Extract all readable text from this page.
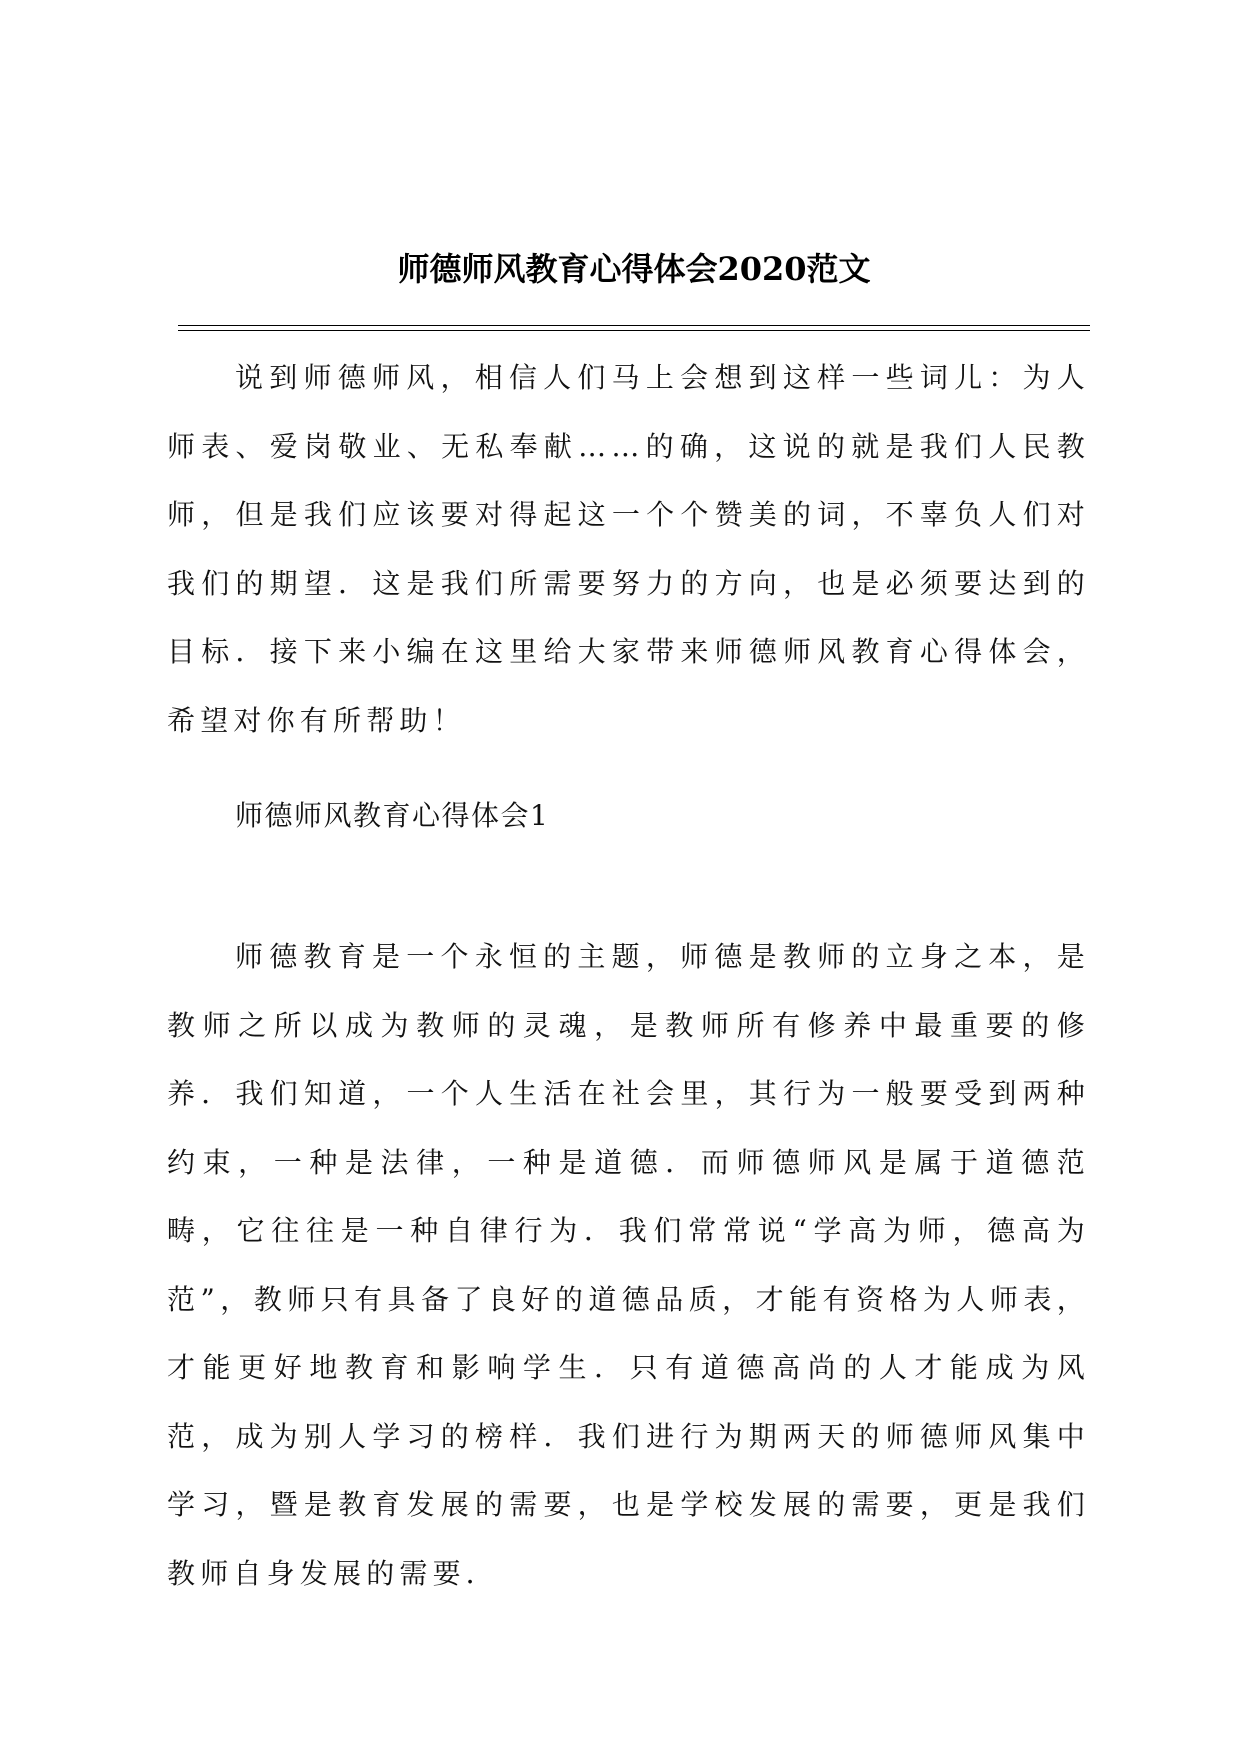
师德师风教育心得体会2020范文

说到师德师风，相信人们马上会想到这样一些词儿：为人师表、爱岗敬业、无私奉献……的确，这说的就是我们人民教师，但是我们应该要对得起这一个个赞美的词，不辜负人们对我们的期望．这是我们所需要努力的方向，也是必须要达到的目标．接下来小编在这里给大家带来师德师风教育心得体会，希望对你有所帮助！

师德师风教育心得体会1

师德教育是一个永恒的主题，师德是教师的立身之本，是教师之所以成为教师的灵魂，是教师所有修养中最重要的修养．我们知道，一个人生活在社会里，其行为一般要受到两种约束，一种是法律，一种是道德．而师德师风是属于道德范畴，它往往是一种自律行为．我们常常说“学高为师，德高为范”，教师只有具备了良好的道德品质，才能有资格为人师表，才能更好地教育和影响学生．只有道德高尚的人才能成为风范，成为别人学习的榜样．我们进行为期两天的师德师风集中学习，暨是教育发展的需要，也是学校发展的需要，更是我们教师自身发展的需要．
